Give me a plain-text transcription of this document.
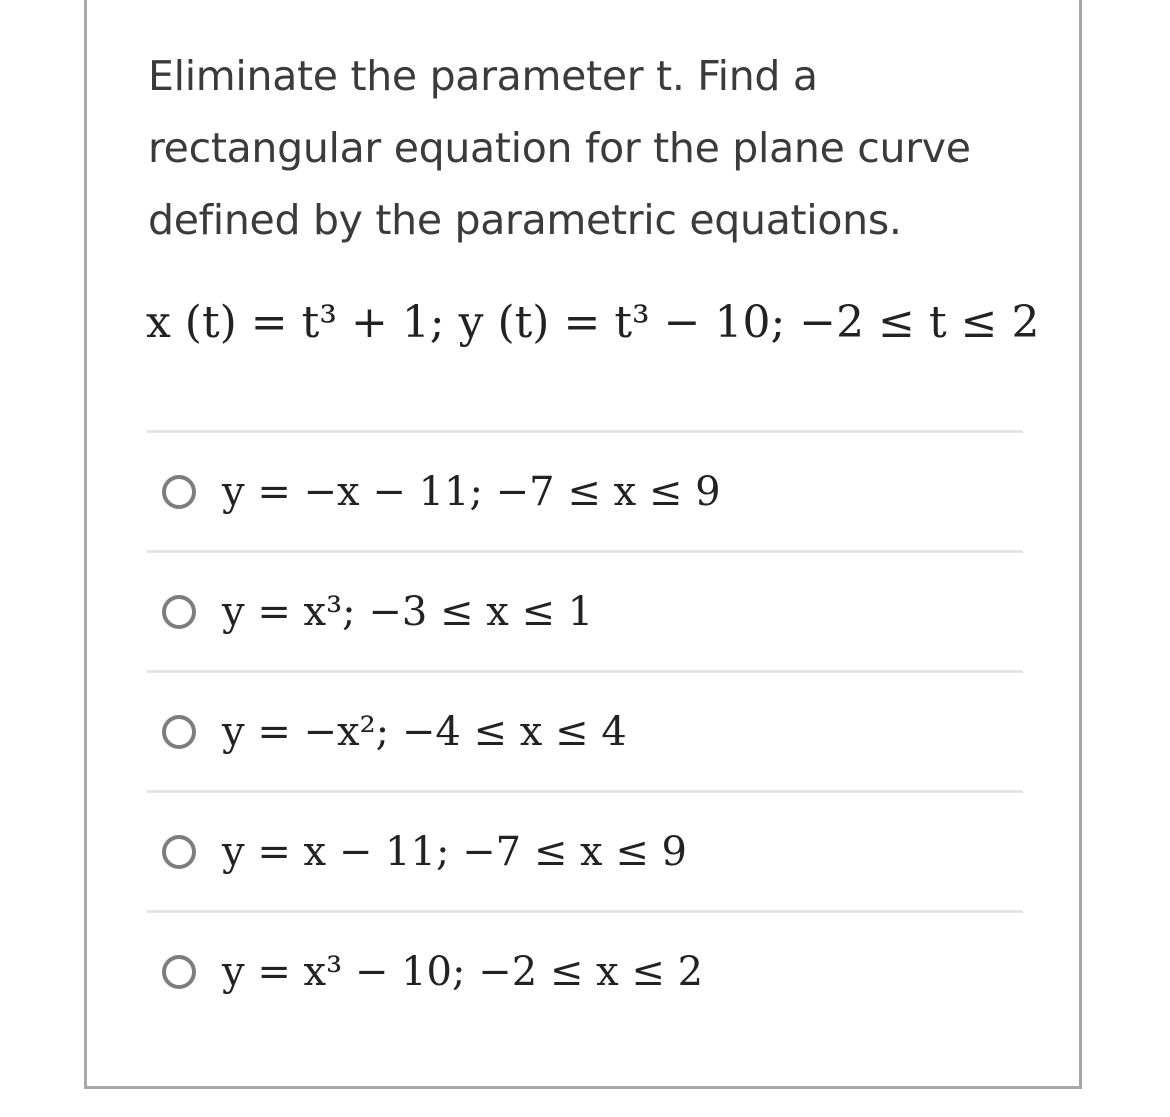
Eliminate the parameter t. Find a rectangular equation for the plane curve defined by the parametric equations.
x (t) = t³ + 1; y (t) = t³ − 10; −2 ≤ t ≤ 2
y = −x − 11; −7 ≤ x ≤ 9
y = x³; −3 ≤ x ≤ 1
y = −x²; −4 ≤ x ≤ 4
y = x − 11; −7 ≤ x ≤ 9
y = x³ − 10; −2 ≤ x ≤ 2
